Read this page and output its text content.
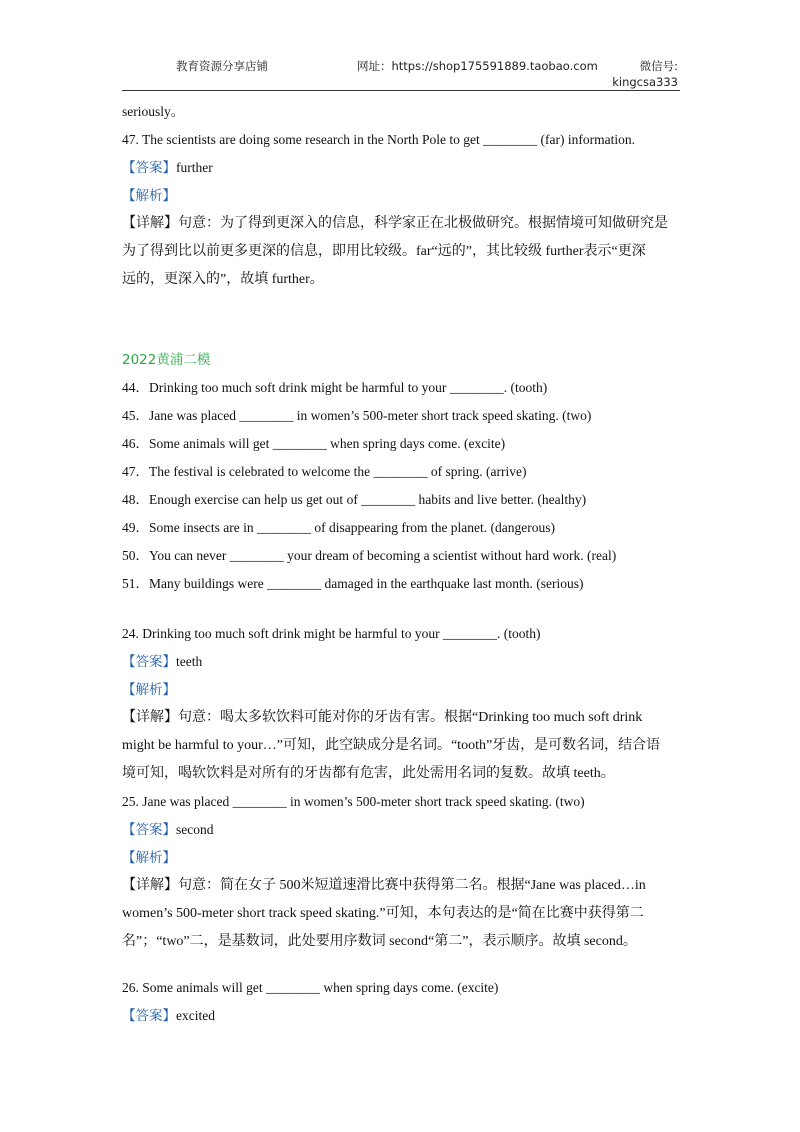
教育资源分享店铺	网址：https://shop175591889.taobao.com	微信号:
kingcsa333
seriously。
47. The scientists are doing some research in the North Pole to get ________ (far) information.
【答案】further
【解析】
【详解】句意：为了得到更深入的信息，科学家正在北极做研究。根据情境可知做研究是
为了得到比以前更多更深的信息，即用比较级。far“远的”，其比较级 further表示“更深
远的，更深入的”，故填 further。
2022黄浦二模
44．Drinking too much soft drink might be harmful to your ________. (tooth)
45．Jane was placed ________ in women’s 500-meter short track speed skating. (two)
46．Some animals will get ________ when spring days come. (excite)
47．The festival is celebrated to welcome the ________ of spring. (arrive)
48．Enough exercise can help us get out of ________ habits and live better. (healthy)
49．Some insects are in ________ of disappearing from the planet. (dangerous)
50．You can never ________ your dream of becoming a scientist without hard work. (real)
51．Many buildings were ________ damaged in the earthquake last month. (serious)
24. Drinking too much soft drink might be harmful to your ________. (tooth)
【答案】teeth
【解析】
【详解】句意：喝太多软饮料可能对你的牙齿有害。根据“Drinking too much soft drink
might be harmful to your…”可知，此空缺成分是名词。“tooth”牙齿，是可数名词，结合语
境可知，喝软饮料是对所有的牙齿都有危害，此处需用名词的复数。故填 teeth。
25. Jane was placed ________ in women’s 500-meter short track speed skating. (two)
【答案】second
【解析】
【详解】句意：简在女子 500米短道速滑比赛中获得第二名。根据“Jane was placed…in
women’s 500-meter short track speed skating.”可知，本句表达的是“简在比赛中获得第二
名”；“two”二，是基数词，此处要用序数词 second“第二”，表示顺序。故填 second。
26. Some animals will get ________ when spring days come. (excite)
【答案】excited
